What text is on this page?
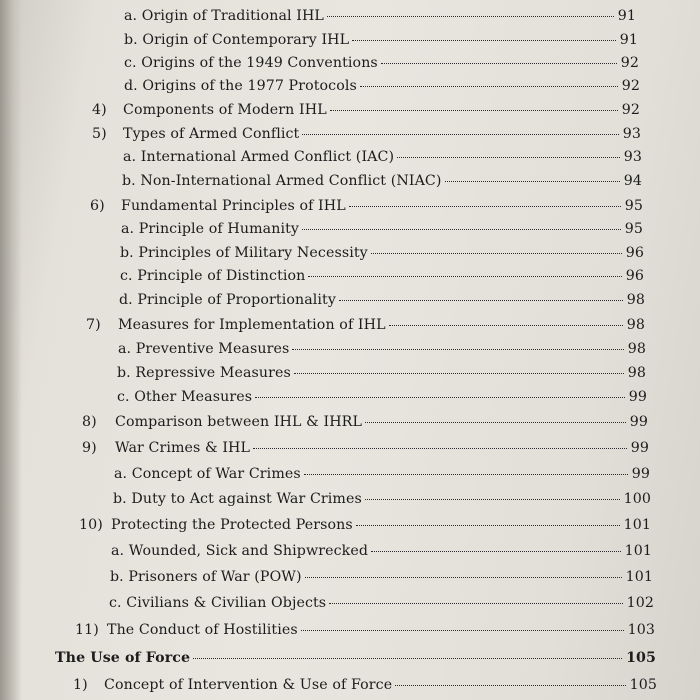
a. Origin of Traditional IHL	91
b. Origin of Contemporary IHL	91
c. Origins of the 1949 Conventions	92
d. Origins of the 1977 Protocols	92
4)	Components of Modern IHL	92
5)	Types of Armed Conflict	93
a. International Armed Conflict (IAC)	93
b. Non-International Armed Conflict (NIAC)	94
6)	Fundamental Principles of IHL	95
a. Principle of Humanity	95
b. Principles of Military Necessity	96
c. Principle of Distinction	96
d. Principle of Proportionality	98
7)	Measures for Implementation of IHL	98
a. Preventive Measures	98
b. Repressive Measures	98
c. Other Measures	99
8)	Comparison between IHL & IHRL	99
9)	War Crimes & IHL	99
a. Concept of War Crimes	99
b. Duty to Act against War Crimes	100
10) Protecting the Protected Persons	101
a. Wounded, Sick and Shipwrecked	101
b. Prisoners of War (POW)	101
c. Civilians & Civilian Objects	102
11) The Conduct of Hostilities	103
The Use of Force	105
1)	Concept of Intervention & Use of Force	105
